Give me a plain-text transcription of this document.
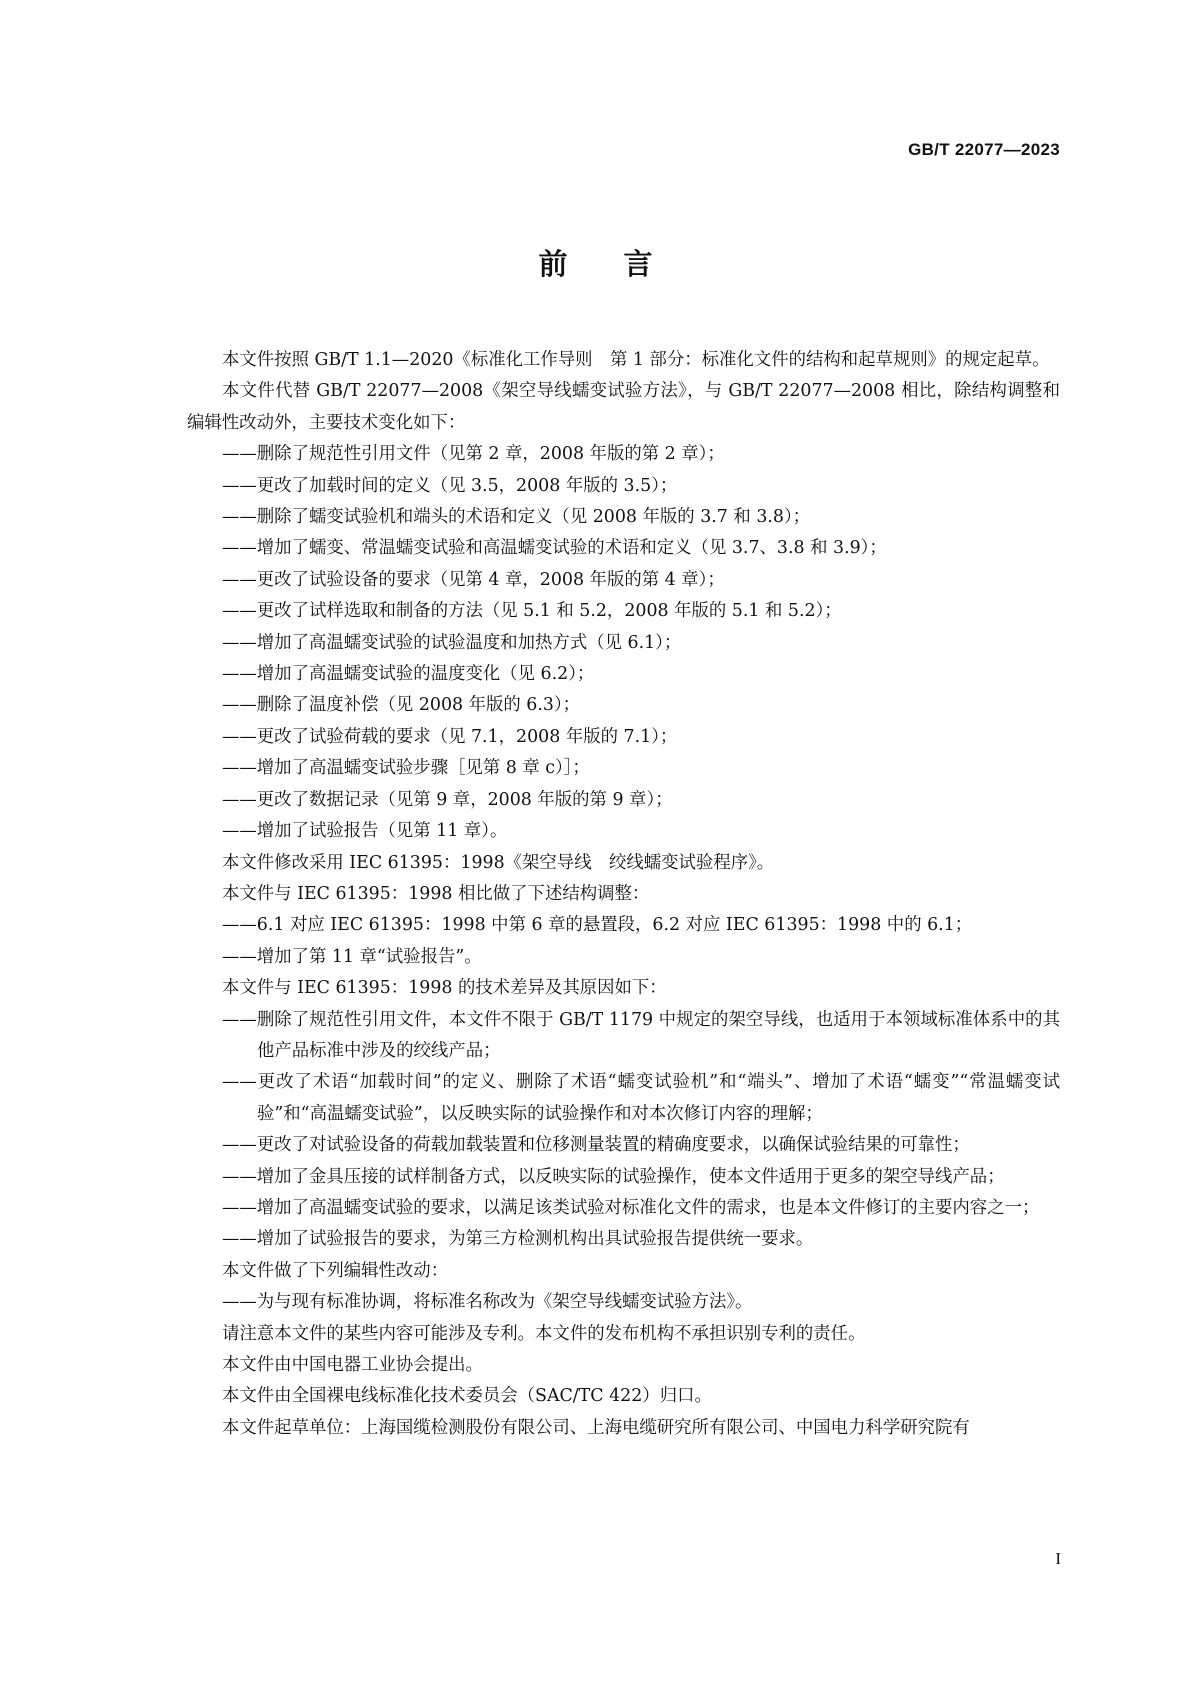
GB/T 22077—2023
前言

本文件按照 GB/T 1.1—2020《标准化工作导则　第 1 部分：标准化文件的结构和起草规则》的规定起草。

本文件代替 GB/T 22077—2008《架空导线蠕变试验方法》，与 GB/T 22077—2008 相比，除结构调整和编辑性改动外，主要技术变化如下：

——删除了规范性引用文件（见第 2 章，2008 年版的第 2 章）；

——更改了加载时间的定义（见 3.5，2008 年版的 3.5）；

——删除了蠕变试验机和端头的术语和定义（见 2008 年版的 3.7 和 3.8）；

——增加了蠕变、常温蠕变试验和高温蠕变试验的术语和定义（见 3.7、3.8 和 3.9）；

——更改了试验设备的要求（见第 4 章，2008 年版的第 4 章）；

——更改了试样选取和制备的方法（见 5.1 和 5.2，2008 年版的 5.1 和 5.2）；

——增加了高温蠕变试验的试验温度和加热方式（见 6.1）；

——增加了高温蠕变试验的温度变化（见 6.2）；

——删除了温度补偿（见 2008 年版的 6.3）；

——更改了试验荷载的要求（见 7.1，2008 年版的 7.1）；

——增加了高温蠕变试验步骤［见第 8 章 c）］；

——更改了数据记录（见第 9 章，2008 年版的第 9 章）；

——增加了试验报告（见第 11 章）。

本文件修改采用 IEC 61395：1998《架空导线　绞线蠕变试验程序》。

本文件与 IEC 61395：1998 相比做了下述结构调整：

——6.1 对应 IEC 61395：1998 中第 6 章的悬置段，6.2 对应 IEC 61395：1998 中的 6.1；

——增加了第 11 章“试验报告”。

本文件与 IEC 61395：1998 的技术差异及其原因如下：

——删除了规范性引用文件，本文件不限于 GB/T 1179 中规定的架空导线，也适用于本领域标准体系中的其他产品标准中涉及的绞线产品；

——更改了术语“加载时间”的定义、删除了术语“蠕变试验机”和“端头”、增加了术语“蠕变”“常温蠕变试验”和“高温蠕变试验”，以反映实际的试验操作和对本次修订内容的理解；

——更改了对试验设备的荷载加载装置和位移测量装置的精确度要求，以确保试验结果的可靠性；

——增加了金具压接的试样制备方式，以反映实际的试验操作，使本文件适用于更多的架空导线产品；

——增加了高温蠕变试验的要求，以满足该类试验对标准化文件的需求，也是本文件修订的主要内容之一；

——增加了试验报告的要求，为第三方检测机构出具试验报告提供统一要求。

本文件做了下列编辑性改动：

——为与现有标准协调，将标准名称改为《架空导线蠕变试验方法》。

请注意本文件的某些内容可能涉及专利。本文件的发布机构不承担识别专利的责任。

本文件由中国电器工业协会提出。

本文件由全国裸电线标准化技术委员会（SAC/TC 422）归口。

本文件起草单位：上海国缆检测股份有限公司、上海电缆研究所有限公司、中国电力科学研究院有

I
